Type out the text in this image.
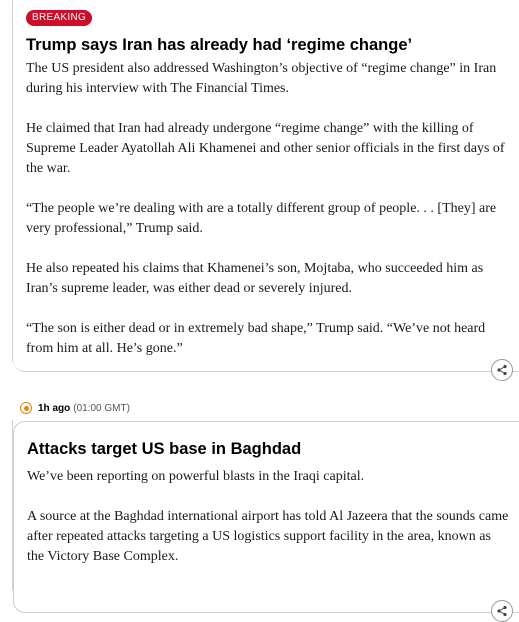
BREAKING
Trump says Iran has already had ‘regime change’

The US president also addressed Washington’s objective of “regime change” in Iran during his interview with The Financial Times.

He claimed that Iran had already undergone “regime change” with the killing of Supreme Leader Ayatollah Ali Khamenei and other senior officials in the first days of the war.

“The people we’re dealing with are a totally different group of people. . . [They] are very professional,” Trump said.

He also repeated his claims that Khamenei’s son, Mojtaba, who succeeded him as Iran’s supreme leader, was either dead or severely injured.

“The son is either dead or in extremely bad shape,” Trump said. “We’ve not heard from him at all. He’s gone.”

1h ago (01:00 GMT)
Attacks target US base in Baghdad

We’ve been reporting on powerful blasts in the Iraqi capital.

A source at the Baghdad international airport has told Al Jazeera that the sounds came after repeated attacks targeting a US logistics support facility in the area, known as the Victory Base Complex.
